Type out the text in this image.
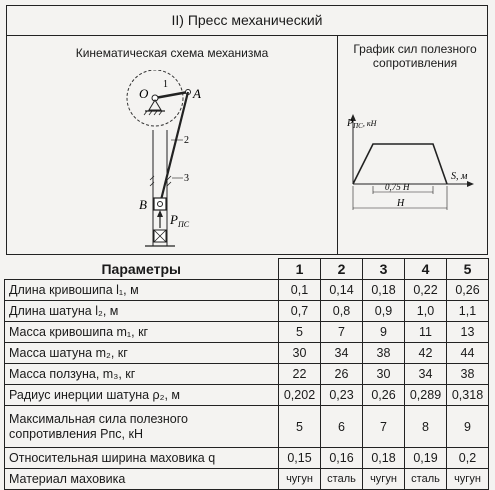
II) Пресс механический
Кинематическая схема механизма	График сил полезного сопротивления
1
O	A
2
3
B
$P_{ПС}$
$P_{ПС}^{, кН}$
S, м
0,75 H
H
Параметры	1	2	3	4	5
Длина кривошипа l₁, м	0,1	0,14	0,18	0,22	0,26
Длина шатуна l₂, м	0,7	0,8	0,9	1,0	1,1
Масса кривошипа m₁, кг	5	7	9	11	13
Масса шатуна m₂, кг	30	34	38	42	44
Масса ползуна, m₃, кг	22	26	30	34	38
Радиус инерции шатуна ρ₂, м	0,202	0,23	0,26	0,289	0,318
Максимальная сила полезного сопротивления Pпс, кН	5	6	7	8	9
Относительная ширина маховика q	0,15	0,16	0,18	0,19	0,2
Материал маховика	чугун	сталь	чугун	сталь	чугун
